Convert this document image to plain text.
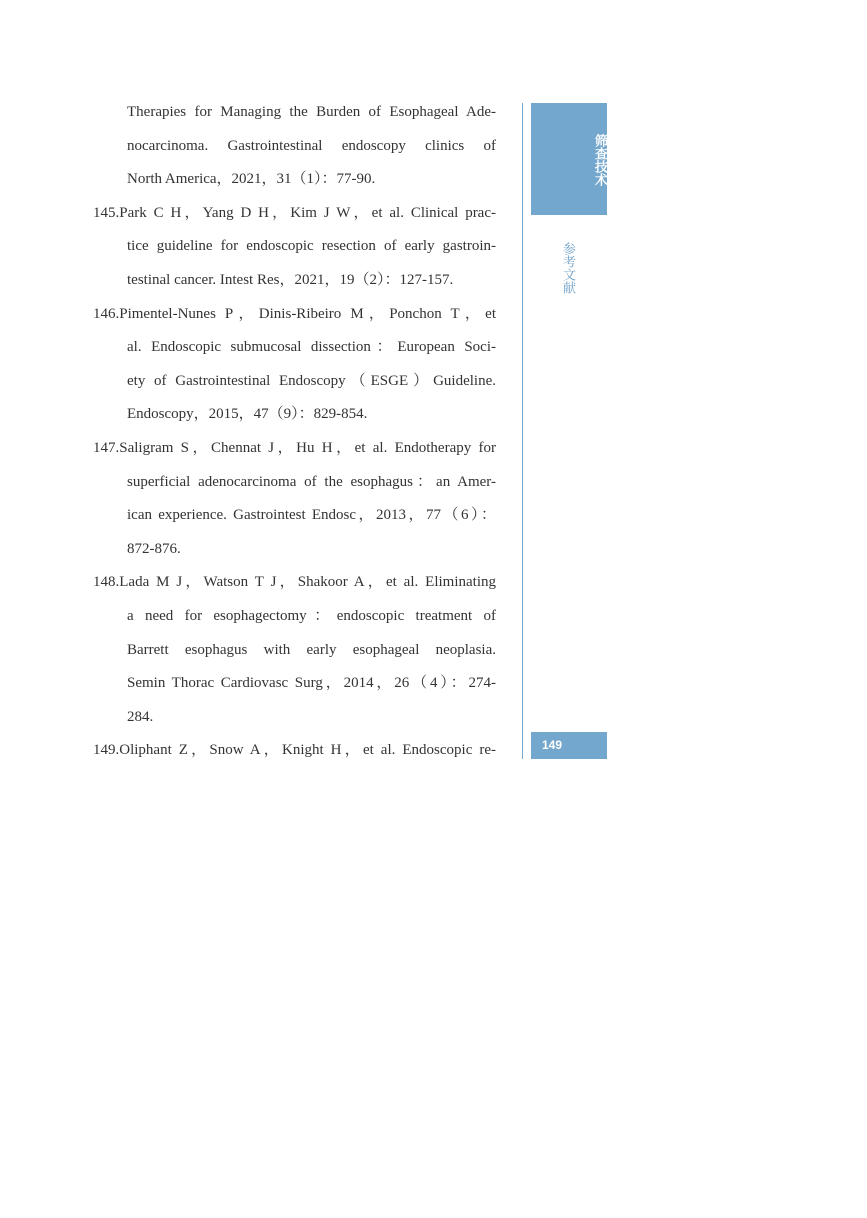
Therapies for Managing the Burden of Esophageal Ade-
nocarcinoma. Gastrointestinal endoscopy clinics of
North America，2021，31（1）：77-90.
145.Park C H，Yang D H，Kim J W，et al. Clinical prac-
tice guideline for endoscopic resection of early gastroin-
testinal cancer. Intest Res，2021，19（2）：127-157.
146.Pimentel-Nunes P，Dinis-Ribeiro M，Ponchon T，et
al. Endoscopic submucosal dissection：European Soci-
ety of Gastrointestinal Endoscopy（ESGE）Guideline.
Endoscopy，2015，47（9）：829-854.
147.Saligram S，Chennat J，Hu H，et al. Endotherapy for
superficial adenocarcinoma of the esophagus：an Amer-
ican experience. Gastrointest Endosc，2013，77（6）：
872-876.
148.Lada M J，Watson T J，Shakoor A，et al. Eliminating
a need for esophagectomy：endoscopic treatment of
Barrett esophagus with early esophageal neoplasia.
Semin Thorac Cardiovasc Surg，2014，26（4）：274-
284.
149.Oliphant Z，Snow A，Knight H，et al. Endoscopic re-
筛查技术
参考文献
149
